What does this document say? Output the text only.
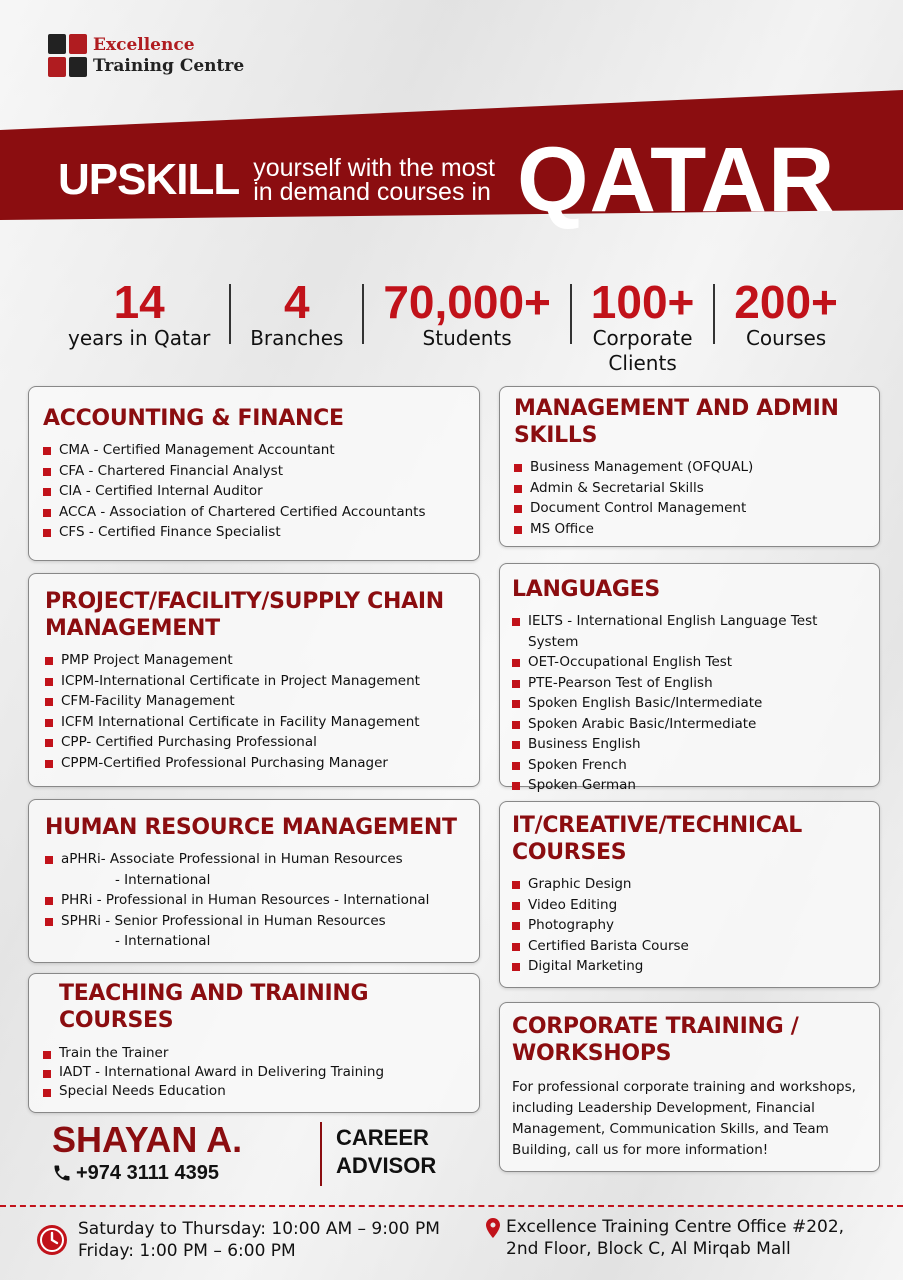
Excellence
Training Centre
UPSKILL yourself with the most
in demand courses in QATAR
14
years in Qatar
4
Branches
70,000+
Students
100+
Corporate
Clients
200+
Courses
ACCOUNTING & FINANCE
CMA - Certified Management Accountant
CFA - Chartered Financial Analyst
CIA - Certified Internal Auditor
ACCA - Association of Chartered Certified Accountants
CFS - Certified Finance Specialist
MANAGEMENT AND ADMIN
SKILLS
Business Management (OFQUAL)
Admin & Secretarial Skills
Document Control Management
MS Office
PROJECT/FACILITY/SUPPLY CHAIN
MANAGEMENT
PMP Project Management
ICPM-International Certificate in Project Management
CFM-Facility Management
ICFM International Certificate in Facility Management
CPP- Certified Purchasing Professional
CPPM-Certified Professional Purchasing Manager
LANGUAGES
IELTS - International English Language Test System
OET-Occupational English Test
PTE-Pearson Test of English
Spoken English Basic/Intermediate
Spoken Arabic Basic/Intermediate
Business English
Spoken French
Spoken German
HUMAN RESOURCE MANAGEMENT
aPHRi- Associate Professional in Human Resources
- International
PHRi - Professional in Human Resources - International
SPHRi - Senior Professional in Human Resources
- International
IT/CREATIVE/TECHNICAL
COURSES
Graphic Design
Video Editing
Photography
Certified Barista Course
Digital Marketing
TEACHING AND TRAINING
COURSES
Train the Trainer
IADT - International Award in Delivering Training
Special Needs Education
CORPORATE TRAINING /
WORKSHOPS

For professional corporate training and workshops, including Leadership Development, Financial Management, Communication Skills, and Team Building, call us for more information!

SHAYAN A.
+974 3111 4395
CAREER
ADVISOR
Saturday to Thursday: 10:00 AM – 9:00 PM
Friday: 1:00 PM – 6:00 PM
Excellence Training Centre Office #202,
2nd Floor, Block C, Al Mirqab Mall
